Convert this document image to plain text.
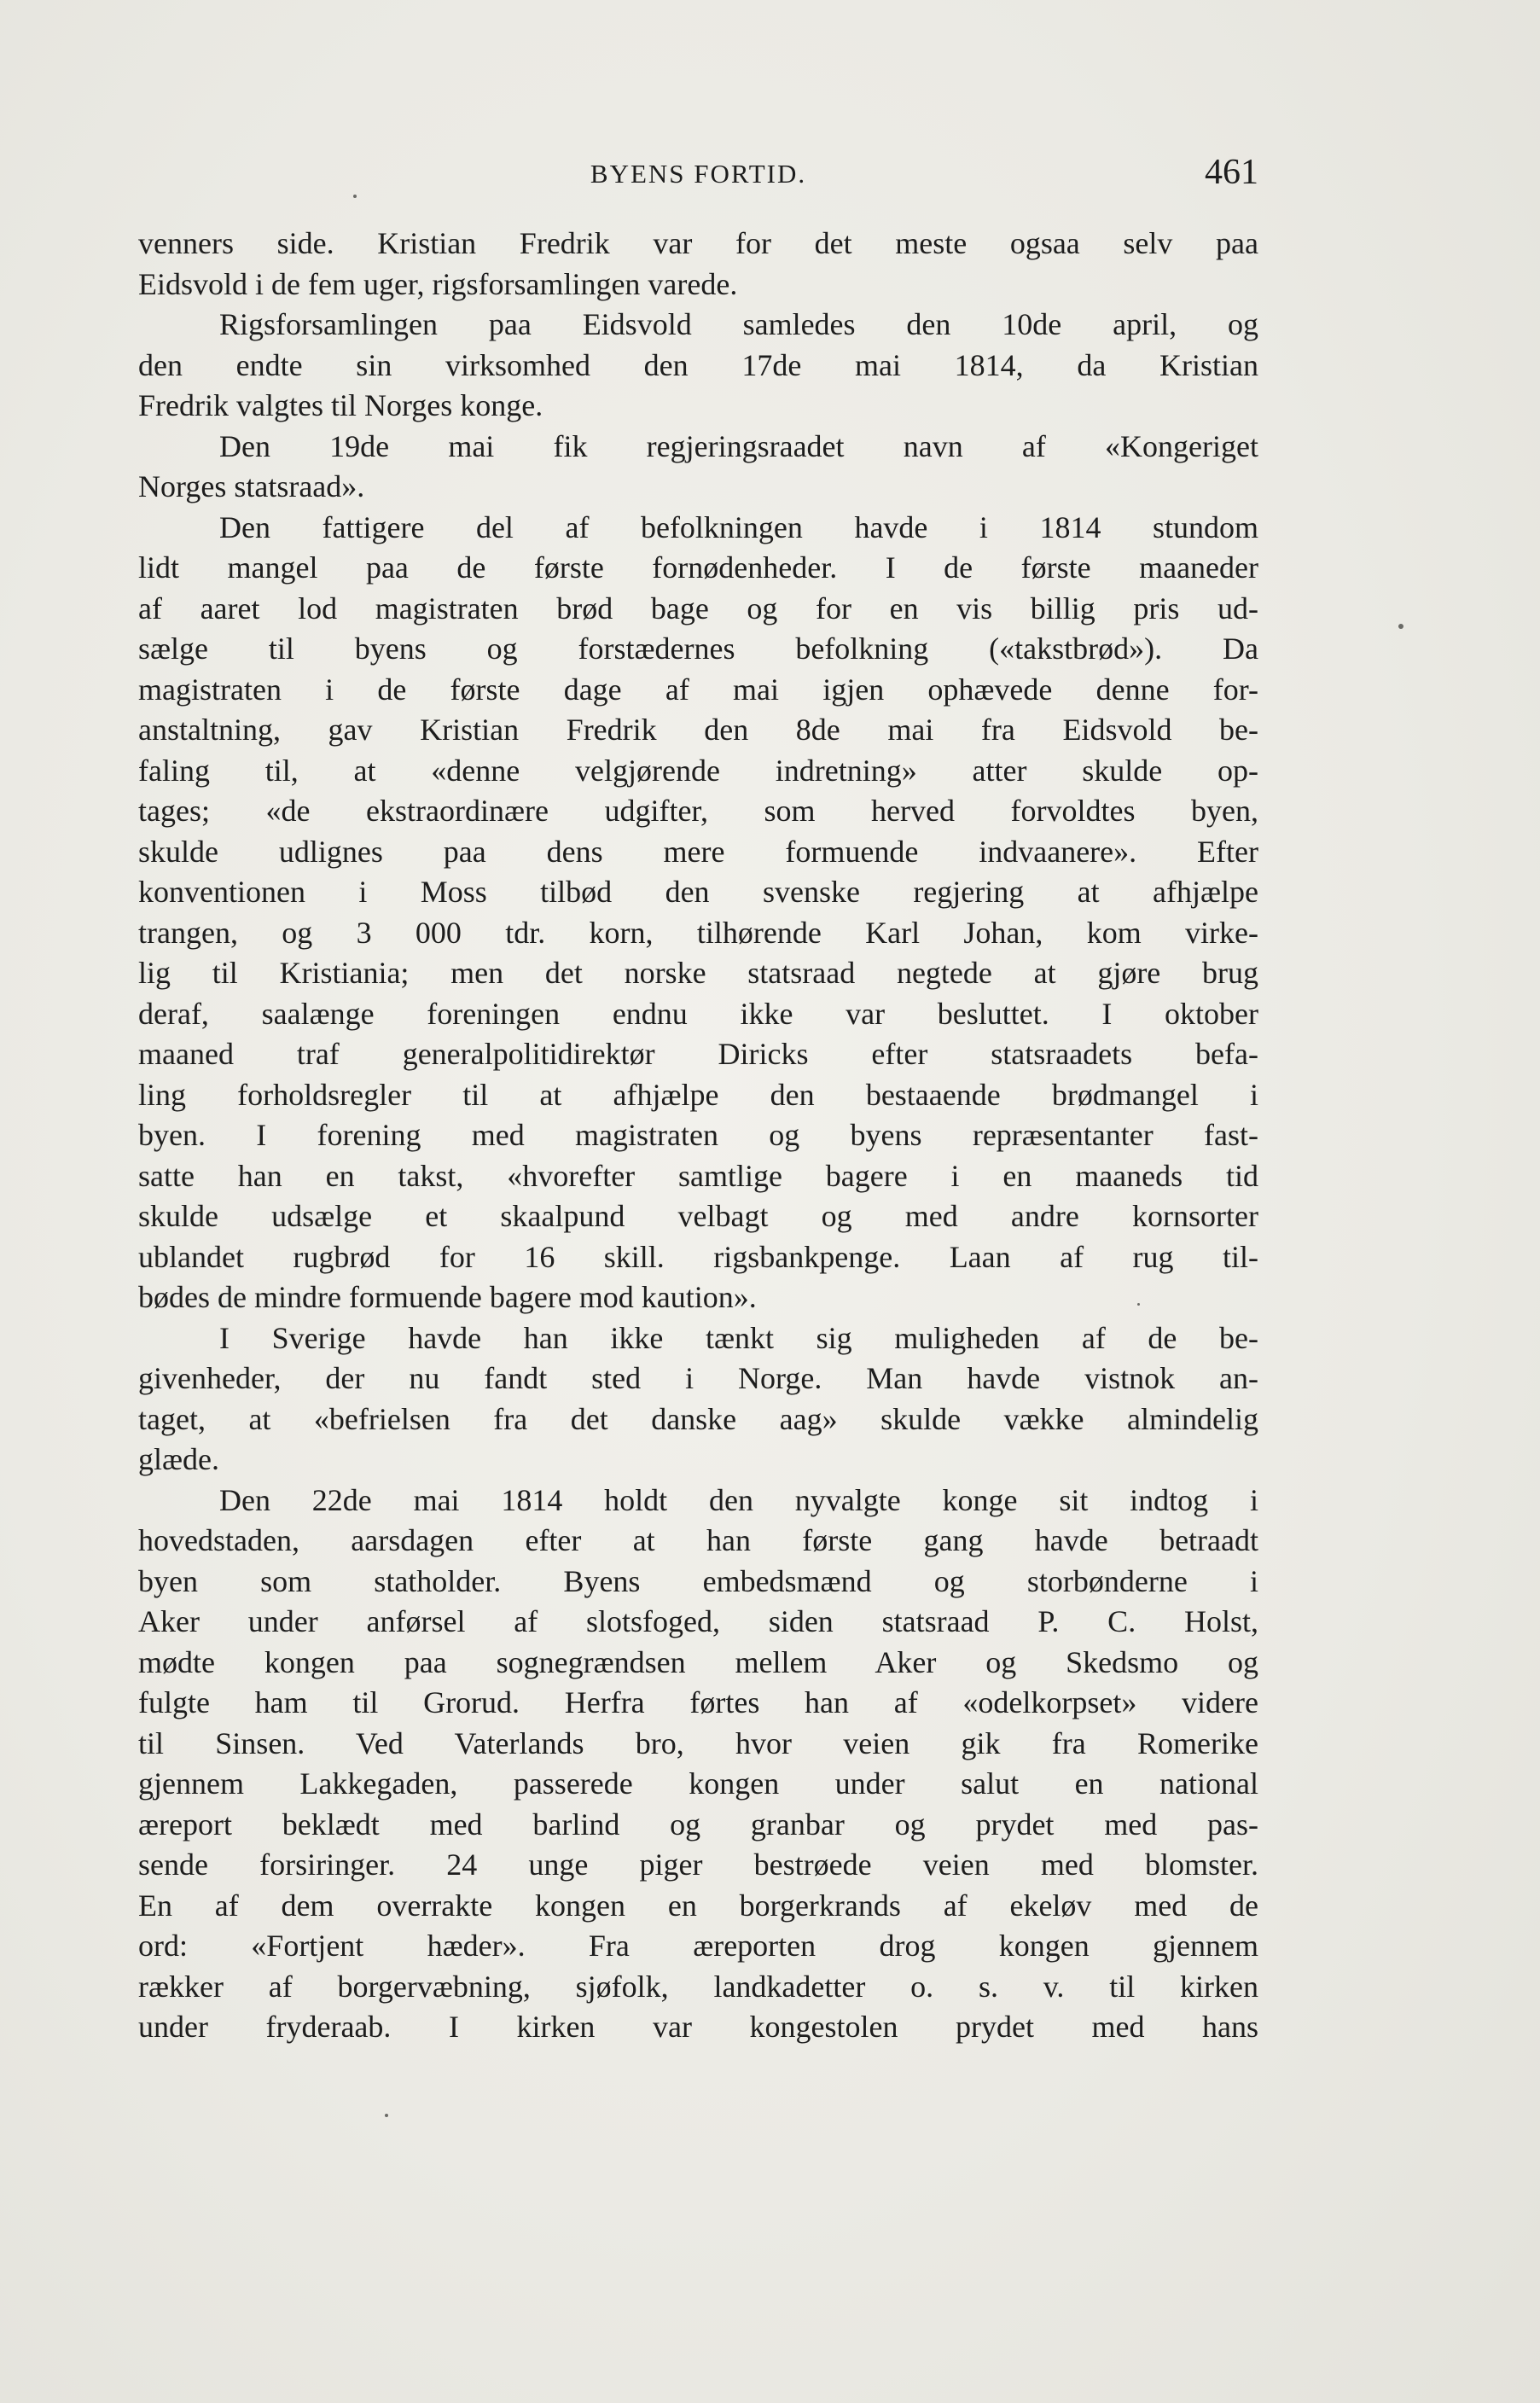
BYENS FORTID.	461
venners side. Kristian Fredrik var for det meste ogsaa selv paa
Eidsvold i de fem uger, rigsforsamlingen varede.
Rigsforsamlingen paa Eidsvold samledes den 10de april, og
den endte sin virksomhed den 17de mai 1814, da Kristian
Fredrik valgtes til Norges konge.
Den 19de mai fik regjeringsraadet navn af «Kongeriget
Norges statsraad».
Den fattigere del af befolkningen havde i 1814 stundom
lidt mangel paa de første fornødenheder. I de første maaneder
af aaret lod magistraten brød bage og for en vis billig pris ud-
sælge til byens og forstædernes befolkning («takstbrød»). Da
magistraten i de første dage af mai igjen ophævede denne for-
anstaltning, gav Kristian Fredrik den 8de mai fra Eidsvold be-
faling til, at «denne velgjørende indretning» atter skulde op-
tages; «de ekstraordinære udgifter, som herved forvoldtes byen,
skulde udlignes paa dens mere formuende indvaanere». Efter
konventionen i Moss tilbød den svenske regjering at afhjælpe
trangen, og 3 000 tdr. korn, tilhørende Karl Johan, kom virke-
lig til Kristiania; men det norske statsraad negtede at gjøre brug
deraf, saalænge foreningen endnu ikke var besluttet. I oktober
maaned traf generalpolitidirektør Diricks efter statsraadets befa-
ling forholdsregler til at afhjælpe den bestaaende brødmangel i
byen. I forening med magistraten og byens repræsentanter fast-
satte han en takst, «hvorefter samtlige bagere i en maaneds tid
skulde udsælge et skaalpund velbagt og med andre kornsorter
ublandet rugbrød for 16 skill. rigsbankpenge. Laan af rug til-
bødes de mindre formuende bagere mod kaution».
I Sverige havde han ikke tænkt sig muligheden af de be-
givenheder, der nu fandt sted i Norge. Man havde vistnok an-
taget, at «befrielsen fra det danske aag» skulde vække almindelig
glæde.
Den 22de mai 1814 holdt den nyvalgte konge sit indtog i
hovedstaden, aarsdagen efter at han første gang havde betraadt
byen som statholder. Byens embedsmænd og storbønderne i
Aker under anførsel af slotsfoged, siden statsraad P. C. Holst,
mødte kongen paa sognegrændsen mellem Aker og Skedsmo og
fulgte ham til Grorud. Herfra førtes han af «odelkorpset» videre
til Sinsen. Ved Vaterlands bro, hvor veien gik fra Romerike
gjennem Lakkegaden, passerede kongen under salut en national
æreport beklædt med barlind og granbar og prydet med pas-
sende forsiringer. 24 unge piger bestrøede veien med blomster.
En af dem overrakte kongen en borgerkrands af ekeløv med de
ord: «Fortjent hæder». Fra æreporten drog kongen gjennem
rækker af borgervæbning, sjøfolk, landkadetter o. s. v. til kirken
under fryderaab. I kirken var kongestolen prydet med hans
